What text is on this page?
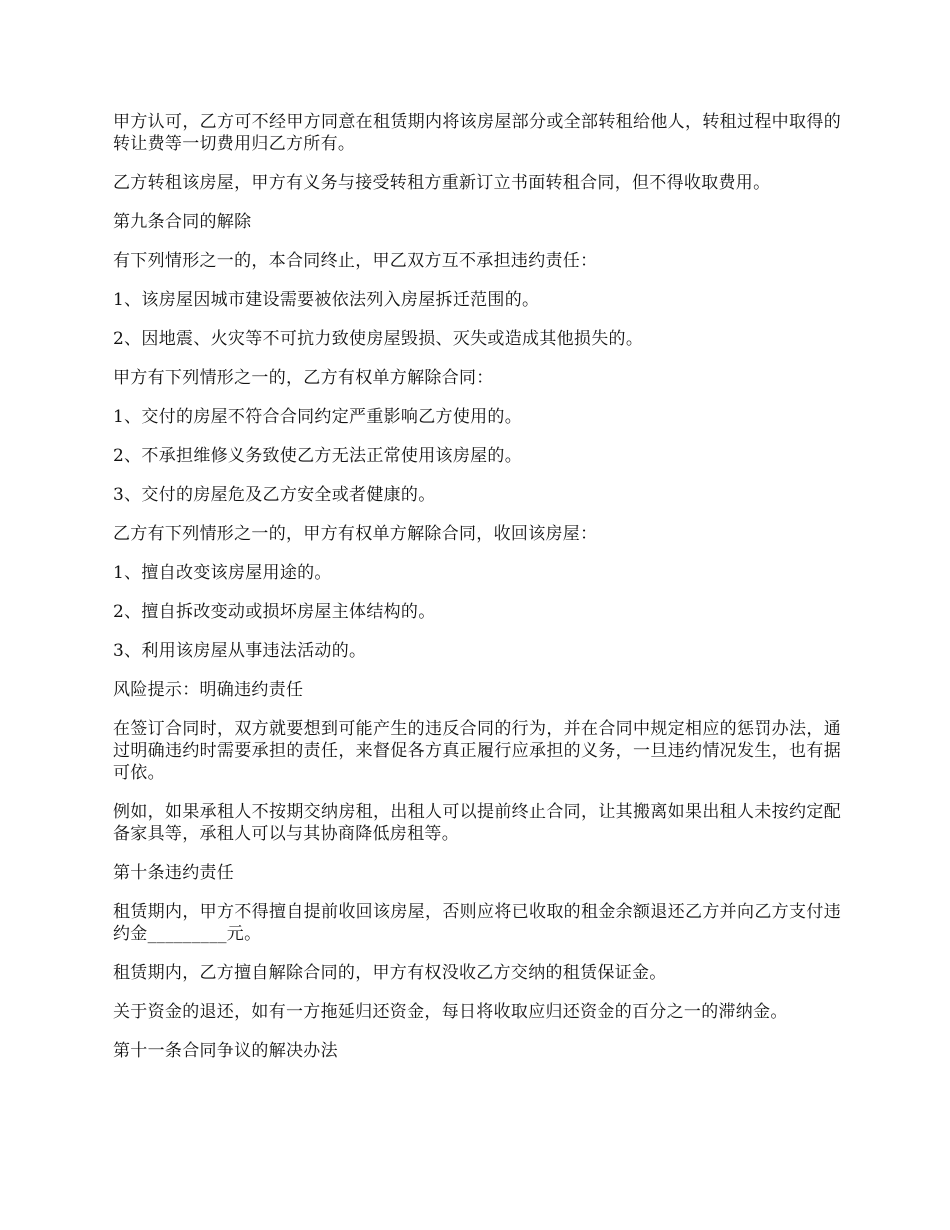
甲方认可，乙方可不经甲方同意在租赁期内将该房屋部分或全部转租给他人，转租过程中取得的转让费等一切费用归乙方所有。

乙方转租该房屋，甲方有义务与接受转租方重新订立书面转租合同，但不得收取费用。

第九条合同的解除

有下列情形之一的，本合同终止，甲乙双方互不承担违约责任：

1、该房屋因城市建设需要被依法列入房屋拆迁范围的。

2、因地震、火灾等不可抗力致使房屋毁损、灭失或造成其他损失的。

甲方有下列情形之一的，乙方有权单方解除合同：

1、交付的房屋不符合合同约定严重影响乙方使用的。

2、不承担维修义务致使乙方无法正常使用该房屋的。

3、交付的房屋危及乙方安全或者健康的。

乙方有下列情形之一的，甲方有权单方解除合同，收回该房屋：

1、擅自改变该房屋用途的。

2、擅自拆改变动或损坏房屋主体结构的。

3、利用该房屋从事违法活动的。

风险提示：明确违约责任

在签订合同时，双方就要想到可能产生的违反合同的行为，并在合同中规定相应的惩罚办法，通过明确违约时需要承担的责任，来督促各方真正履行应承担的义务，一旦违约情况发生，也有据可依。

例如，如果承租人不按期交纳房租，出租人可以提前终止合同，让其搬离如果出租人未按约定配备家具等，承租人可以与其协商降低房租等。

第十条违约责任

租赁期内，甲方不得擅自提前收回该房屋，否则应将已收取的租金余额退还乙方并向乙方支付违约金_________元。

租赁期内，乙方擅自解除合同的，甲方有权没收乙方交纳的租赁保证金。

关于资金的退还，如有一方拖延归还资金，每日将收取应归还资金的百分之一的滞纳金。

第十一条合同争议的解决办法
